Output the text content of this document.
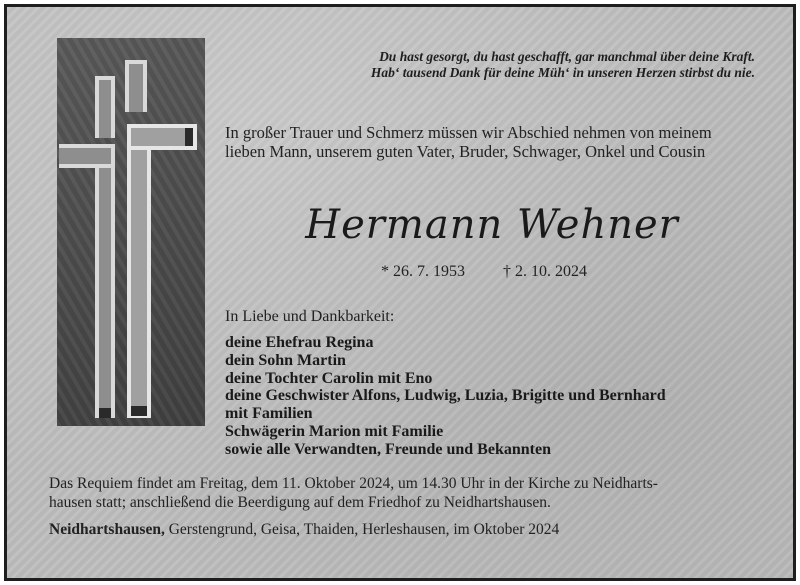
Du hast gesorgt, du hast geschafft, gar manchmal über deine Kraft.
Hab‘ tausend Dank für deine Müh‘ in unseren Herzen stirbst du nie.
In großer Trauer und Schmerz müssen wir Abschied nehmen von meinem
lieben Mann, unserem guten Vater, Bruder, Schwager, Onkel und Cousin
Hermann Wehner
* 26. 7. 1953 † 2. 10. 2024
In Liebe und Dankbarkeit:
deine Ehefrau Regina
dein Sohn Martin
deine Tochter Carolin mit Eno
deine Geschwister Alfons, Ludwig, Luzia, Brigitte und Bernhard
mit Familien
Schwägerin Marion mit Familie
sowie alle Verwandten, Freunde und Bekannten
Das Requiem findet am Freitag, dem 11. Oktober 2024, um 14.30 Uhr in der Kirche zu Neidharts-
hausen statt; anschließend die Beerdigung auf dem Friedhof zu Neidhartshausen.
Neidhartshausen, Gerstengrund, Geisa, Thaiden, Herleshausen, im Oktober 2024
